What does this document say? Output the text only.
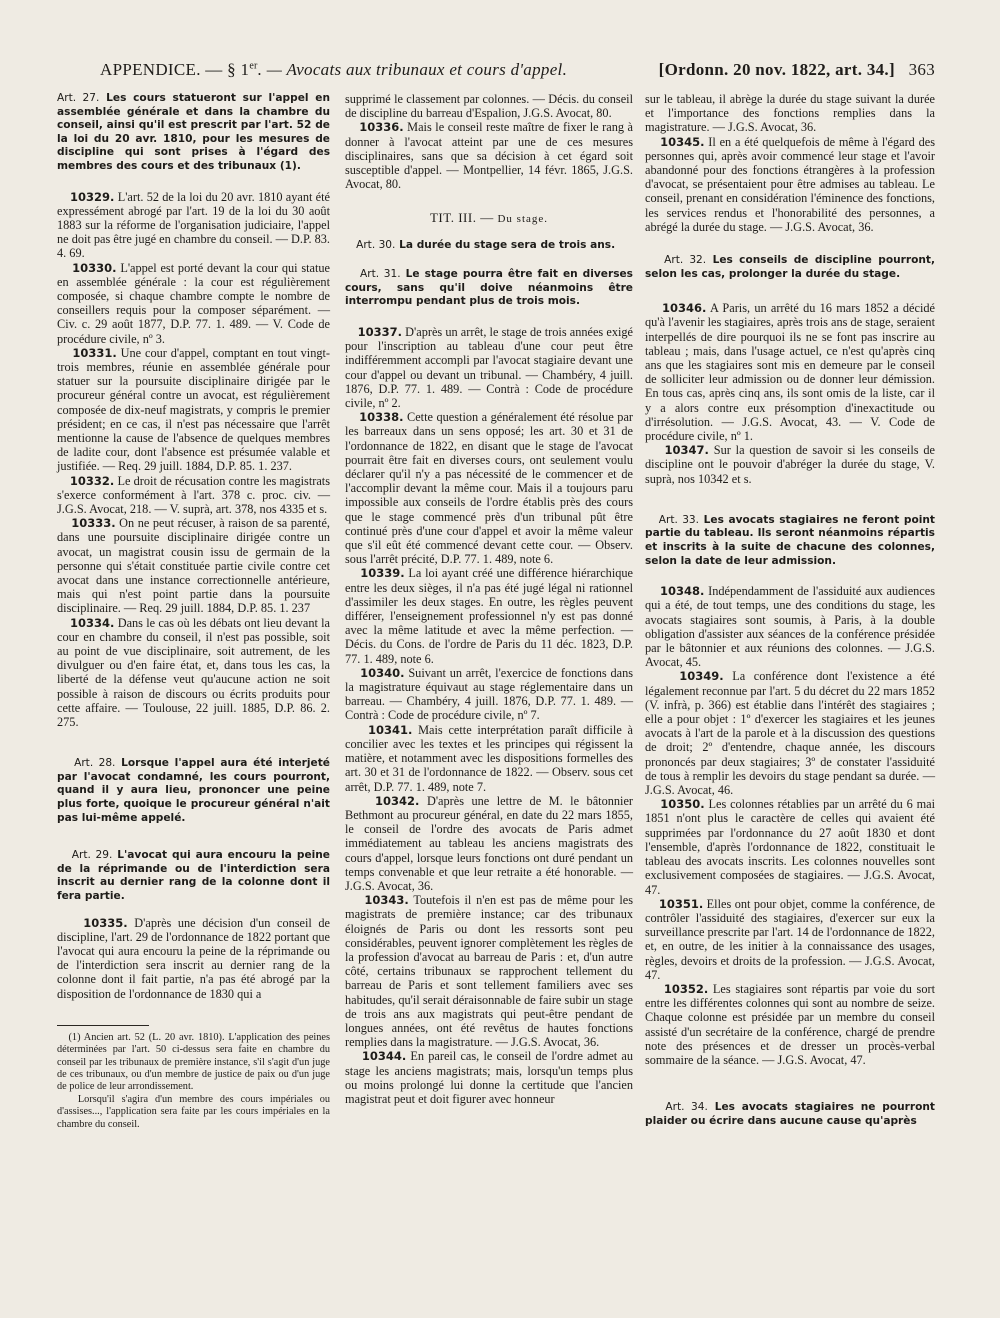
APPENDICE. — § 1er. — Avocats aux tribunaux et cours d'appel.	[Ordonn. 20 nov. 1822, art. 34.] 363

Art. 27. Les cours statueront sur l'appel en assemblée générale et dans la chambre du conseil, ainsi qu'il est prescrit par l'art. 52 de la loi du 20 avr. 1810, pour les mesures de discipline qui sont prises à l'égard des membres des cours et des tribunaux (1).

10329. L'art. 52 de la loi du 20 avr. 1810 ayant été expressément abrogé par l'art. 19 de la loi du 30 août 1883 sur la réforme de l'organisation judiciaire, l'appel ne doit pas être jugé en chambre du conseil. — D.P. 83. 4. 69.

10330. L'appel est porté devant la cour qui statue en assemblée générale : la cour est régulièrement composée, si chaque chambre compte le nombre de conseillers requis pour la composer séparément. — Civ. c. 29 août 1877, D.P. 77. 1. 489. — V. Code de procédure civile, nº 3.

10331. Une cour d'appel, comptant en tout vingt-trois membres, réunie en assemblée générale pour statuer sur la poursuite disciplinaire dirigée par le procureur général contre un avocat, est régulièrement composée de dix-neuf magistrats, y compris le premier président; en ce cas, il n'est pas nécessaire que l'arrêt mentionne la cause de l'absence de quelques membres de ladite cour, dont l'absence est présumée valable et justifiée. — Req. 29 juill. 1884, D.P. 85. 1. 237.

10332. Le droit de récusation contre les magistrats s'exerce conformément à l'art. 378 c. proc. civ. — J.G.S. Avocat, 218. — V. suprà, art. 378, nos 4335 et s.

10333. On ne peut récuser, à raison de sa parenté, dans une poursuite disciplinaire dirigée contre un avocat, un magistrat cousin issu de germain de la personne qui s'était constituée partie civile contre cet avocat dans une instance correctionnelle antérieure, mais qui n'est point partie dans la poursuite disciplinaire. — Req. 29 juill. 1884, D.P. 85. 1. 237

10334. Dans le cas où les débats ont lieu devant la cour en chambre du conseil, il n'est pas possible, soit au point de vue disciplinaire, soit autrement, de les divulguer ou d'en faire état, et, dans tous les cas, la liberté de la défense veut qu'aucune action ne soit possible à raison de discours ou écrits produits pour cette affaire. — Toulouse, 22 juill. 1885, D.P. 86. 2. 275.

Art. 28. Lorsque l'appel aura été interjeté par l'avocat condamné, les cours pourront, quand il y aura lieu, prononcer une peine plus forte, quoique le procureur général n'ait pas lui-même appelé.

Art. 29. L'avocat qui aura encouru la peine de la réprimande ou de l'interdiction sera inscrit au dernier rang de la colonne dont il fera partie.

10335. D'après une décision d'un conseil de discipline, l'art. 29 de l'ordonnance de 1822 portant que l'avocat qui aura encouru la peine de la réprimande ou de l'interdiction sera inscrit au dernier rang de la colonne dont il fait partie, n'a pas été abrogé par la disposition de l'ordonnance de 1830 qui a

(1) Ancien art. 52 (L. 20 avr. 1810). L'application des peines déterminées par l'art. 50 ci-dessus sera faite en chambre du conseil par les tribunaux de première instance, s'il s'agit d'un juge de ces tribunaux, ou d'un membre de justice de paix ou d'un juge de police de leur arrondissement.

Lorsqu'il s'agira d'un membre des cours impériales ou d'assises..., l'application sera faite par les cours impériales en la chambre du conseil.

supprimé le classement par colonnes. — Décis. du conseil de discipline du barreau d'Espalion, J.G.S. Avocat, 80.

10336. Mais le conseil reste maître de fixer le rang à donner à l'avocat atteint par une de ces mesures disciplinaires, sans que sa décision à cet égard soit susceptible d'appel. — Montpellier, 14 févr. 1865, J.G.S. Avocat, 80.

TIT. III. — Du stage.

Art. 30. La durée du stage sera de trois ans.

Art. 31. Le stage pourra être fait en diverses cours, sans qu'il doive néanmoins être interrompu pendant plus de trois mois.

10337. D'après un arrêt, le stage de trois années exigé pour l'inscription au tableau d'une cour peut être indifféremment accompli par l'avocat stagiaire devant une cour d'appel ou devant un tribunal. — Chambéry, 4 juill. 1876, D.P. 77. 1. 489. — Contrà : Code de procédure civile, nº 2.

10338. Cette question a généralement été résolue par les barreaux dans un sens opposé; les art. 30 et 31 de l'ordonnance de 1822, en disant que le stage de l'avocat pourrait être fait en diverses cours, ont seulement voulu déclarer qu'il n'y a pas nécessité de le commencer et de l'accomplir devant la même cour. Mais il a toujours paru impossible aux conseils de l'ordre établis près des cours que le stage commencé près d'un tribunal pût être continué près d'une cour d'appel et avoir la même valeur que s'il eût été commencé devant cette cour. — Observ. sous l'arrêt précité, D.P. 77. 1. 489, note 6.

10339. La loi ayant créé une différence hiérarchique entre les deux sièges, il n'a pas été jugé légal ni rationnel d'assimiler les deux stages. En outre, les règles peuvent différer, l'enseignement professionnel n'y est pas donné avec la même latitude et avec la même perfection. — Décis. du Cons. de l'ordre de Paris du 11 déc. 1823, D.P. 77. 1. 489, note 6.

10340. Suivant un arrêt, l'exercice de fonctions dans la magistrature équivaut au stage réglementaire dans un barreau. — Chambéry, 4 juill. 1876, D.P. 77. 1. 489. — Contrà : Code de procédure civile, nº 7.

10341. Mais cette interprétation paraît difficile à concilier avec les textes et les principes qui régissent la matière, et notamment avec les dispositions formelles des art. 30 et 31 de l'ordonnance de 1822. — Observ. sous cet arrêt, D.P. 77. 1. 489, note 7.

10342. D'après une lettre de M. le bâtonnier Bethmont au procureur général, en date du 22 mars 1855, le conseil de l'ordre des avocats de Paris admet immédiatement au tableau les anciens magistrats des cours d'appel, lorsque leurs fonctions ont duré pendant un temps convenable et que leur retraite a été honorable. — J.G.S. Avocat, 36.

10343. Toutefois il n'en est pas de même pour les magistrats de première instance; car des tribunaux éloignés de Paris ou dont les ressorts sont peu considérables, peuvent ignorer complètement les règles de la profession d'avocat au barreau de Paris : et, d'un autre côté, certains tribunaux se rapprochent tellement du barreau de Paris et sont tellement familiers avec ses habitudes, qu'il serait déraisonnable de faire subir un stage de trois ans aux magistrats qui peut-être pendant de longues années, ont été revêtus de hautes fonctions remplies dans la magistrature. — J.G.S. Avocat, 36.

10344. En pareil cas, le conseil de l'ordre admet au stage les anciens magistrats; mais, lorsqu'un temps plus ou moins prolongé lui donne la certitude que l'ancien magistrat peut et doit figurer avec honneur

sur le tableau, il abrège la durée du stage suivant la durée et l'importance des fonctions remplies dans la magistrature. — J.G.S. Avocat, 36.

10345. Il en a été quelquefois de même à l'égard des personnes qui, après avoir commencé leur stage et l'avoir abandonné pour des fonctions étrangères à la profession d'avocat, se présentaient pour être admises au tableau. Le conseil, prenant en considération l'éminence des fonctions, les services rendus et l'honorabilité des personnes, a abrégé la durée du stage. — J.G.S. Avocat, 36.

Art. 32. Les conseils de discipline pourront, selon les cas, prolonger la durée du stage.

10346. A Paris, un arrêté du 16 mars 1852 a décidé qu'à l'avenir les stagiaires, après trois ans de stage, seraient interpellés de dire pourquoi ils ne se font pas inscrire au tableau ; mais, dans l'usage actuel, ce n'est qu'après cinq ans que les stagiaires sont mis en demeure par le conseil de solliciter leur admission ou de donner leur démission. En tous cas, après cinq ans, ils sont omis de la liste, car il y a alors contre eux présomption d'inexactitude ou d'irrésolution. — J.G.S. Avocat, 43. — V. Code de procédure civile, nº 1.

10347. Sur la question de savoir si les conseils de discipline ont le pouvoir d'abréger la durée du stage, V. suprà, nos 10342 et s.

Art. 33. Les avocats stagiaires ne feront point partie du tableau. Ils seront néanmoins répartis et inscrits à la suite de chacune des colonnes, selon la date de leur admission.

10348. Indépendamment de l'assiduité aux audiences qui a été, de tout temps, une des conditions du stage, les avocats stagiaires sont soumis, à Paris, à la double obligation d'assister aux séances de la conférence présidée par le bâtonnier et aux réunions des colonnes. — J.G.S. Avocat, 45.

10349. La conférence dont l'existence a été légalement reconnue par l'art. 5 du décret du 22 mars 1852 (V. infrà, p. 366) est établie dans l'intérêt des stagiaires ; elle a pour objet : 1º d'exercer les stagiaires et les jeunes avocats à l'art de la parole et à la discussion des questions de droit; 2º d'entendre, chaque année, les discours prononcés par deux stagiaires; 3º de constater l'assiduité de tous à remplir les devoirs du stage pendant sa durée. — J.G.S. Avocat, 46.

10350. Les colonnes rétablies par un arrêté du 6 mai 1851 n'ont plus le caractère de celles qui avaient été supprimées par l'ordonnance du 27 août 1830 et dont l'ensemble, d'après l'ordonnance de 1822, constituait le tableau des avocats inscrits. Les colonnes nouvelles sont exclusivement composées de stagiaires. — J.G.S. Avocat, 47.

10351. Elles ont pour objet, comme la conférence, de contrôler l'assiduité des stagiaires, d'exercer sur eux la surveillance prescrite par l'art. 14 de l'ordonnance de 1822, et, en outre, de les initier à la connaissance des usages, règles, devoirs et droits de la profession. — J.G.S. Avocat, 47.

10352. Les stagiaires sont répartis par voie du sort entre les différentes colonnes qui sont au nombre de seize. Chaque colonne est présidée par un membre du conseil assisté d'un secrétaire de la conférence, chargé de prendre note des présences et de dresser un procès-verbal sommaire de la séance. — J.G.S. Avocat, 47.

Art. 34. Les avocats stagiaires ne pourront plaider ou écrire dans aucune cause qu'après
